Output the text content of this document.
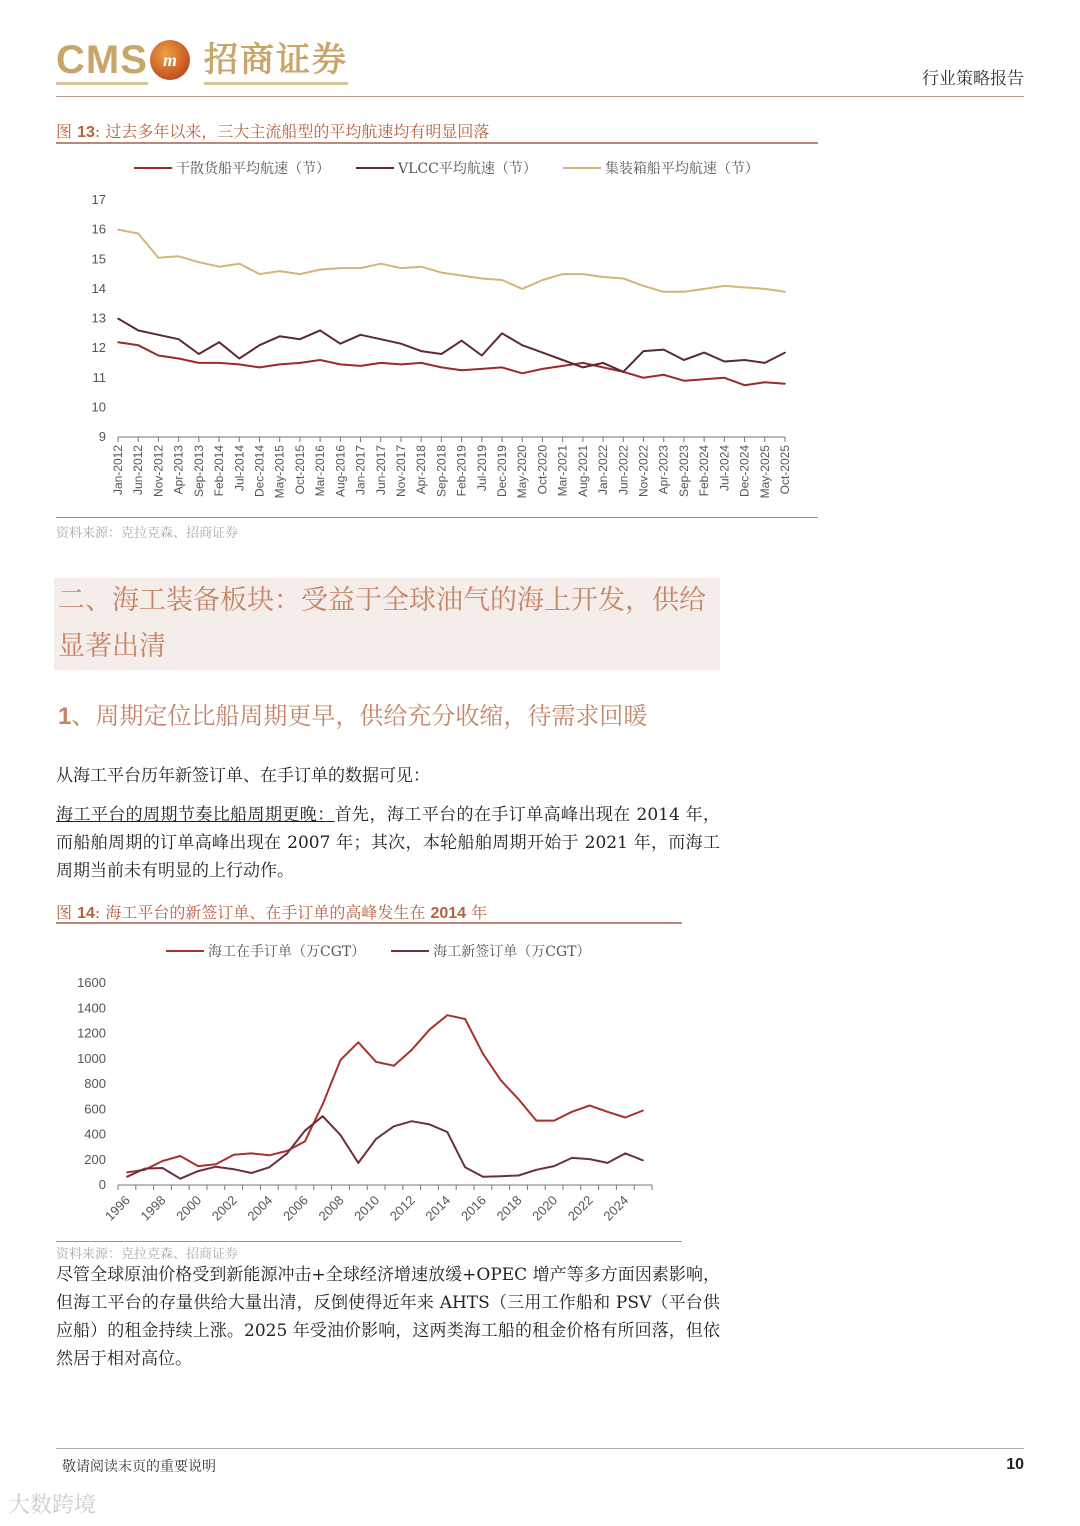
CMS m 招商证券	行业策略报告
图 13: 过去多年以来，三大主流船型的平均航速均有明显回落
干散货船平均航速（节）	VLCC平均航速（节）	集装箱船平均航速（节）
9
10
11
12
13
14
15
16
17
Jan-2012 Jun-2012 Nov-2012 Apr-2013 Sep-2013 Feb-2014 Jul-2014 Dec-2014 May-2015 Oct-2015 Mar-2016 Aug-2016 Jan-2017 Jun-2017 Nov-2017 Apr-2018 Sep-2018 Feb-2019 Jul-2019 Dec-2019 May-2020 Oct-2020 Mar-2021 Aug-2021 Jan-2022 Jun-2022 Nov-2022 Apr-2023 Sep-2023 Feb-2024 Jul-2024 Dec-2024 May-2025 Oct-2025
资料来源：克拉克森、招商证券
二、海工装备板块：受益于全球油气的海上开发，供给显著出清
1、周期定位比船周期更早，供给充分收缩，待需求回暖
从海工平台历年新签订单、在手订单的数据可见：
海工平台的周期节奏比船周期更晚：首先，海工平台的在手订单高峰出现在 2014 年，而船舶周期的订单高峰出现在 2007 年；其次，本轮船舶周期开始于 2021 年，而海工周期当前未有明显的上行动作。
图 14: 海工平台的新签订单、在手订单的高峰发生在 2014 年
海工在手订单（万CGT）	海工新签订单（万CGT）
0
200
400
600
800
1000
1200
1400
1600
1996 1998 2000 2002 2004 2006 2008 2010 2012 2014 2016 2018 2020 2022 2024
资料来源：克拉克森、招商证券
尽管全球原油价格受到新能源冲击+全球经济增速放缓+OPEC 增产等多方面因素影响，但海工平台的存量供给大量出清，反倒使得近年来 AHTS（三用工作船和 PSV（平台供应船）的租金持续上涨。2025 年受油价影响，这两类海工船的租金价格有所回落，但依然居于相对高位。
敬请阅读末页的重要说明	10
大数跨境
